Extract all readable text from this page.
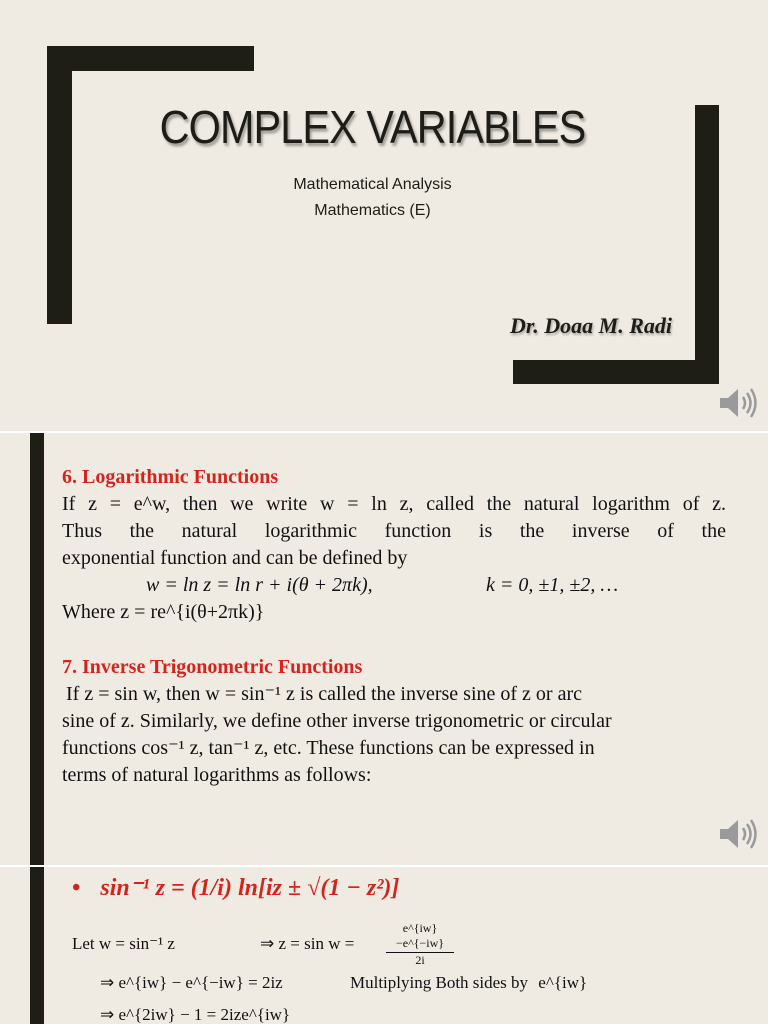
COMPLEX VARIABLES
Mathematical Analysis
Mathematics (E)
Dr. Doaa M. Radi
6. Logarithmic Functions
If z = e^w, then we write w = ln z, called the natural logarithm of z.
Thus the natural logarithmic function is the inverse of the
exponential function and can be defined by
w = ln z = ln r + i(θ + 2πk),	k = 0, ±1, ±2, …
Where z = re^{i(θ+2πk)}
7. Inverse Trigonometric Functions
If z = sin w, then w = sin⁻¹ z is called the inverse sine of z or arc
sine of z. Similarly, we define other inverse trigonometric or circular
functions cos⁻¹ z, tan⁻¹ z, etc. These functions can be expressed in
terms of natural logarithms as follows:
• sin⁻¹ z = (1/i) ln[iz ± √(1 − z²)]
Let w = sin⁻¹ z	⇒ z = sin w =	$\frac{e\^{}\{iw\}-e\^{}\{-iw\}}{2i}$
⇒ e^{iw} − e^{−iw} = 2iz	Multiplying Both sides by e^{iw}
⇒ e^{2iw} − 1 = 2ize^{iw}
